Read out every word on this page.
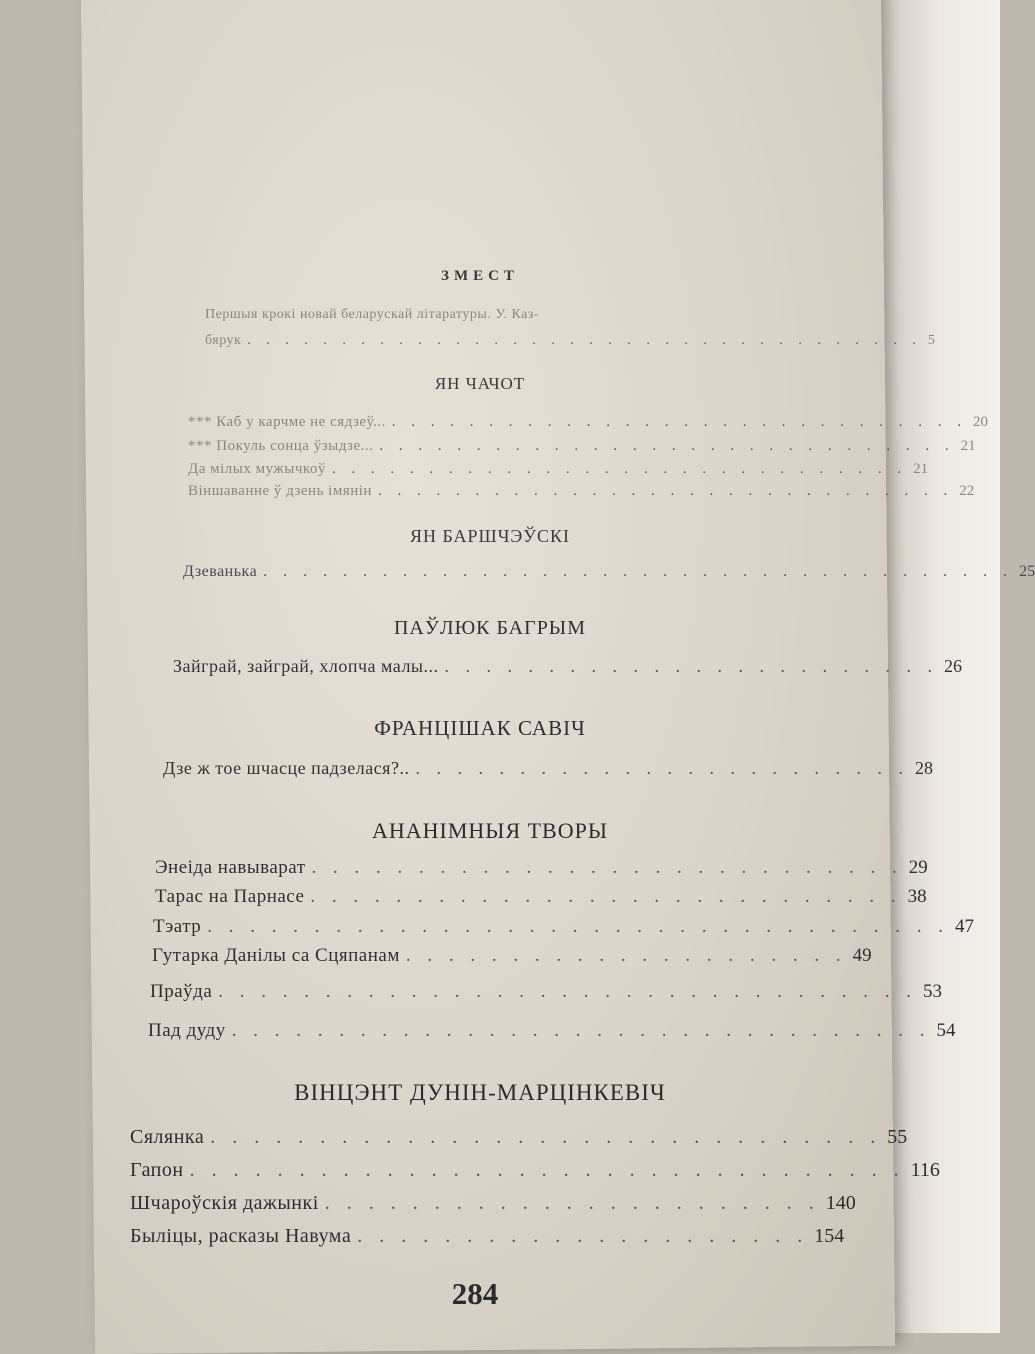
ЗМЕСТ
Першыя крокі новай беларускай літаратуры. У. Каз-
бярук . . . . . . . . . . . . . . . . . . . . . . . . . . . . . . . . . . . . 5
ЯН ЧАЧОТ
*** Каб у карчме не сядзеў... . . . . . . . . . . . . . . . . . . . . . . . . . . . . . . 20
*** Покуль сонца ўзыдзе... . . . . . . . . . . . . . . . . . . . . . . . . . . . . . . 21
Да мілых мужычкоў . . . . . . . . . . . . . . . . . . . . . . . . . . . . . . 21
Віншаванне ў дзень імянін . . . . . . . . . . . . . . . . . . . . . . . . . . . . . . 22
ЯН БАРШЧЭЎСКІ
Дзеванька . . . . . . . . . . . . . . . . . . . . . . . . . . . . . . . . . . . . . . 25
ПАЎЛЮК БАГРЫМ
Зайграй, зайграй, хлопча малы... . . . . . . . . . . . . . . . . . . . . . . . . 26
ФРАНЦІШАК САВІЧ
Дзе ж тое шчасце падзелася?.. . . . . . . . . . . . . . . . . . . . . . . . . 28
АНАНІМНЫЯ ТВОРЫ
Энеіда навыварат . . . . . . . . . . . . . . . . . . . . . . . . . . . . 29
Тарас на Парнасе . . . . . . . . . . . . . . . . . . . . . . . . . . . . 38
Тэатр . . . . . . . . . . . . . . . . . . . . . . . . . . . . . . . . . . . 47
Гутарка Данілы са Сцяпанам . . . . . . . . . . . . . . . . . . . . . 49
Праўда . . . . . . . . . . . . . . . . . . . . . . . . . . . . . . . . . 53
Пад дуду . . . . . . . . . . . . . . . . . . . . . . . . . . . . . . . . . 54
ВІНЦЭНТ ДУНІН-МАРЦІНКЕВІЧ
Сялянка . . . . . . . . . . . . . . . . . . . . . . . . . . . . . . . 55
Гапон . . . . . . . . . . . . . . . . . . . . . . . . . . . . . . . . . 116
Шчароўскія дажынкі . . . . . . . . . . . . . . . . . . . . . . . 140
Быліцы, расказы Навума . . . . . . . . . . . . . . . . . . . . . 154
284
